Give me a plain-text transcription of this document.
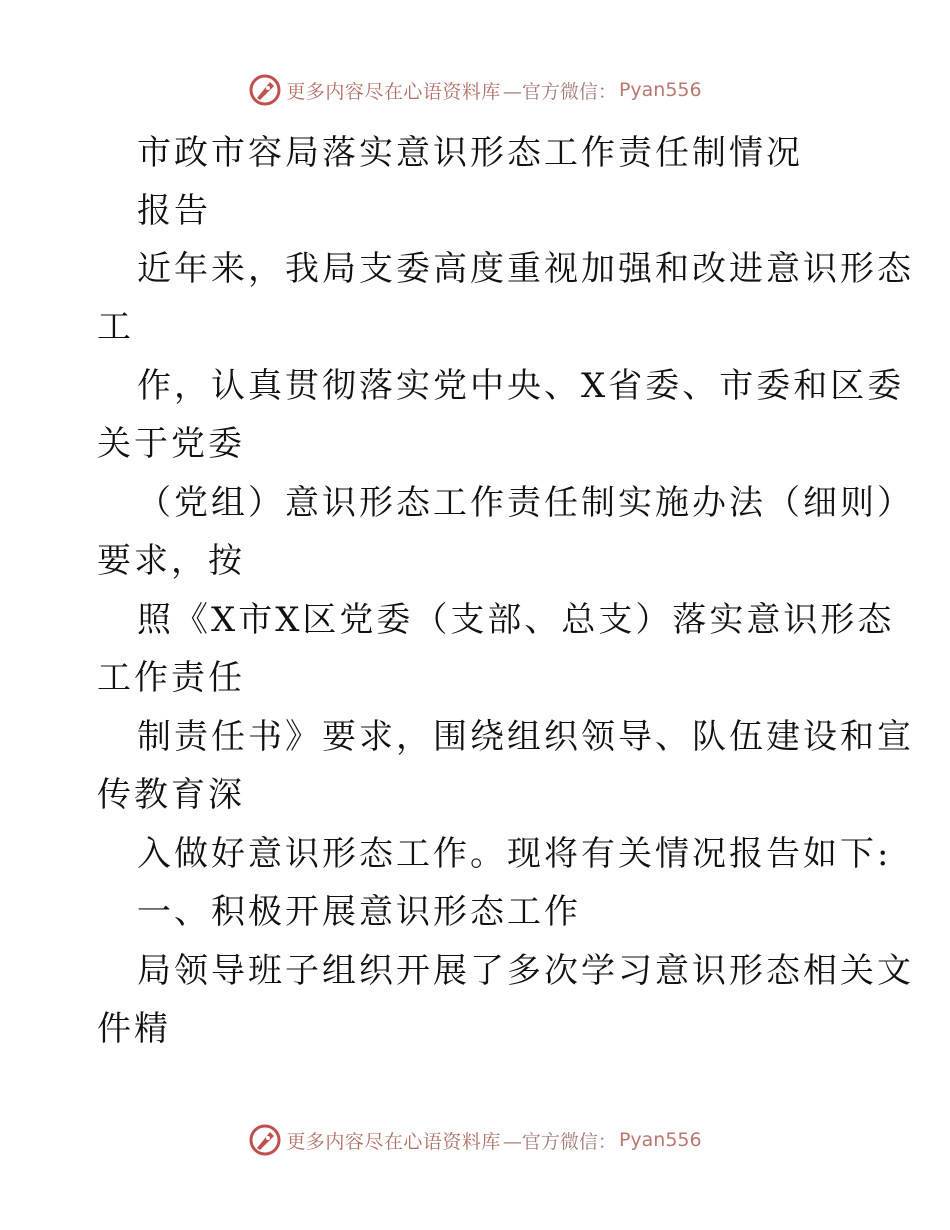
更多内容尽在心语资料库 —官方微信： Pyan556

市政市容局落实意识形态工作责任制情况

报告

近年来，我局支委高度重视加强和改进意识形态

工

作，认真贯彻落实党中央、X省委、市委和区委

关于党委

（党组）意识形态工作责任制实施办法（细则）

要求，按

照《X市X区党委（支部、总支）落实意识形态

工作责任

制责任书》要求，围绕组织领导、队伍建设和宣

传教育深

入做好意识形态工作。现将有关情况报告如下:

一、积极开展意识形态工作

局领导班子组织开展了多次学习意识形态相关文

件精

更多内容尽在心语资料库 —官方微信： Pyan556
